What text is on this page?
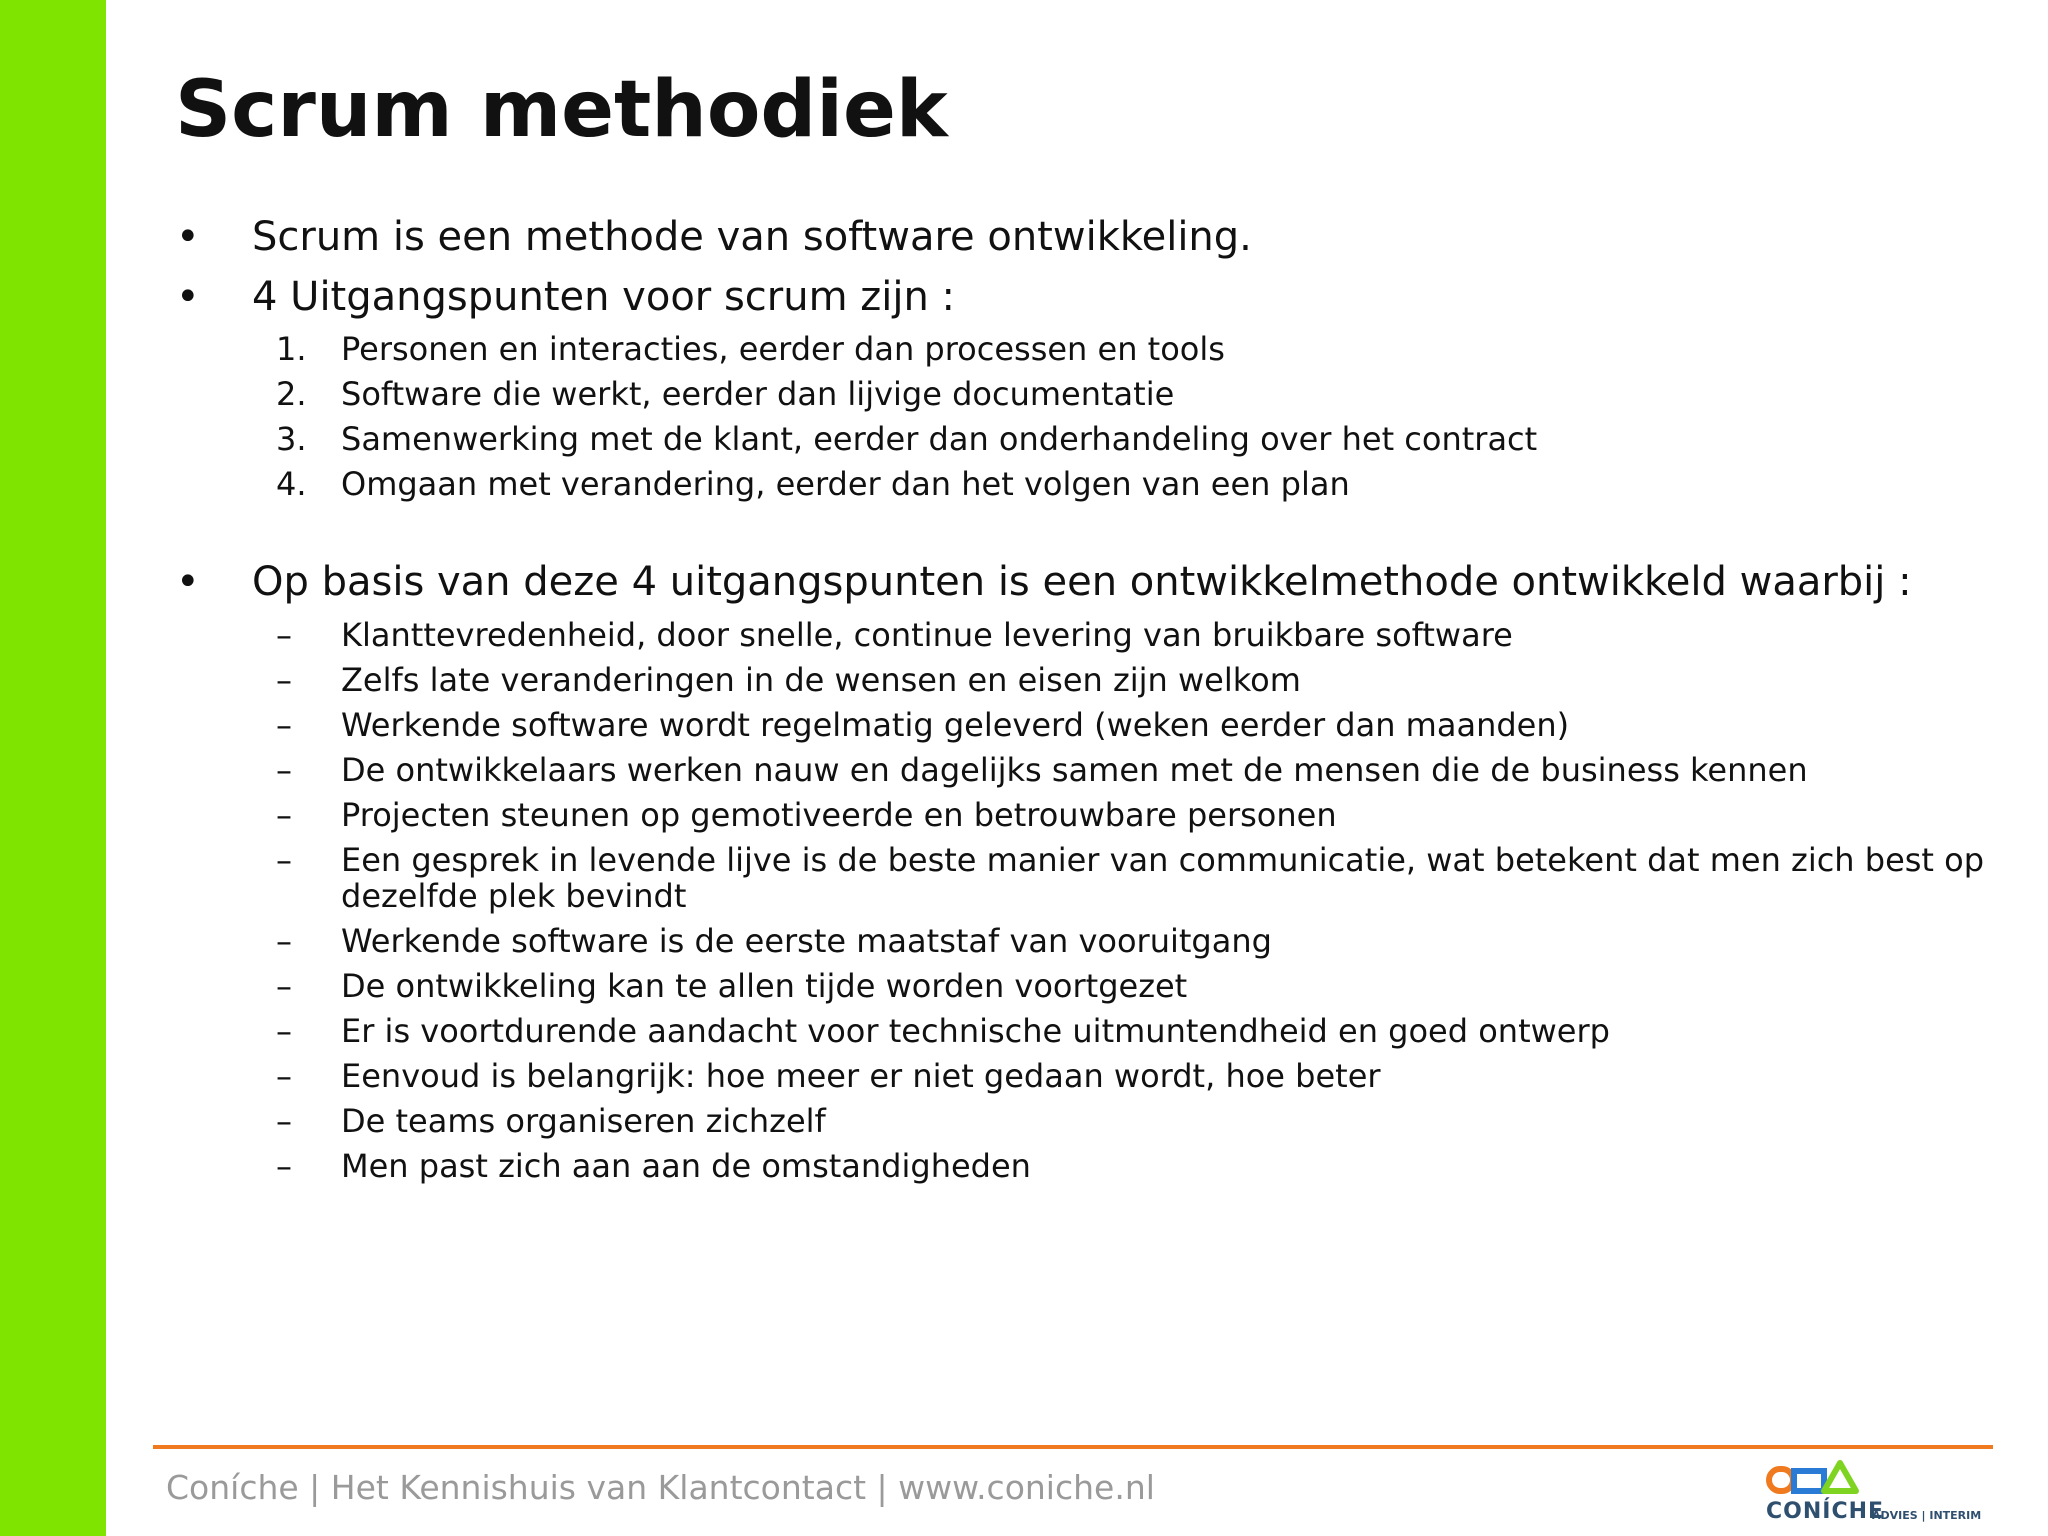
Scrum methodiek
•	Scrum is een methode van software ontwikkeling.
•	4 Uitgangspunten voor scrum zijn :
1.	Personen en interacties, eerder dan processen en tools
2.	Software die werkt, eerder dan lijvige documentatie
3.	Samenwerking met de klant, eerder dan onderhandeling over het contract
4.	Omgaan met verandering, eerder dan het volgen van een plan
•	Op basis van deze 4 uitgangspunten is een ontwikkelmethode ontwikkeld waarbij :
–	Klanttevredenheid, door snelle, continue levering van bruikbare software
–	Zelfs late veranderingen in de wensen en eisen zijn welkom
–	Werkende software wordt regelmatig geleverd (weken eerder dan maanden)
–	De ontwikkelaars werken nauw en dagelijks samen met de mensen die de business kennen
–	Projecten steunen op gemotiveerde en betrouwbare personen
–	Een gesprek in levende lijve is de beste manier van communicatie, wat betekent dat men zich best op
dezelfde plek bevindt
–	Werkende software is de eerste maatstaf van vooruitgang
–	De ontwikkeling kan te allen tijde worden voortgezet
–	Er is voortdurende aandacht voor technische uitmuntendheid en goed ontwerp
–	Eenvoud is belangrijk: hoe meer er niet gedaan wordt, hoe beter
–	De teams organiseren zichzelf
–	Men past zich aan aan de omstandigheden
Coníche | Het Kennishuis van Klantcontact | www.coniche.nl
CONÍCHE
ADVIES | INTERIM
